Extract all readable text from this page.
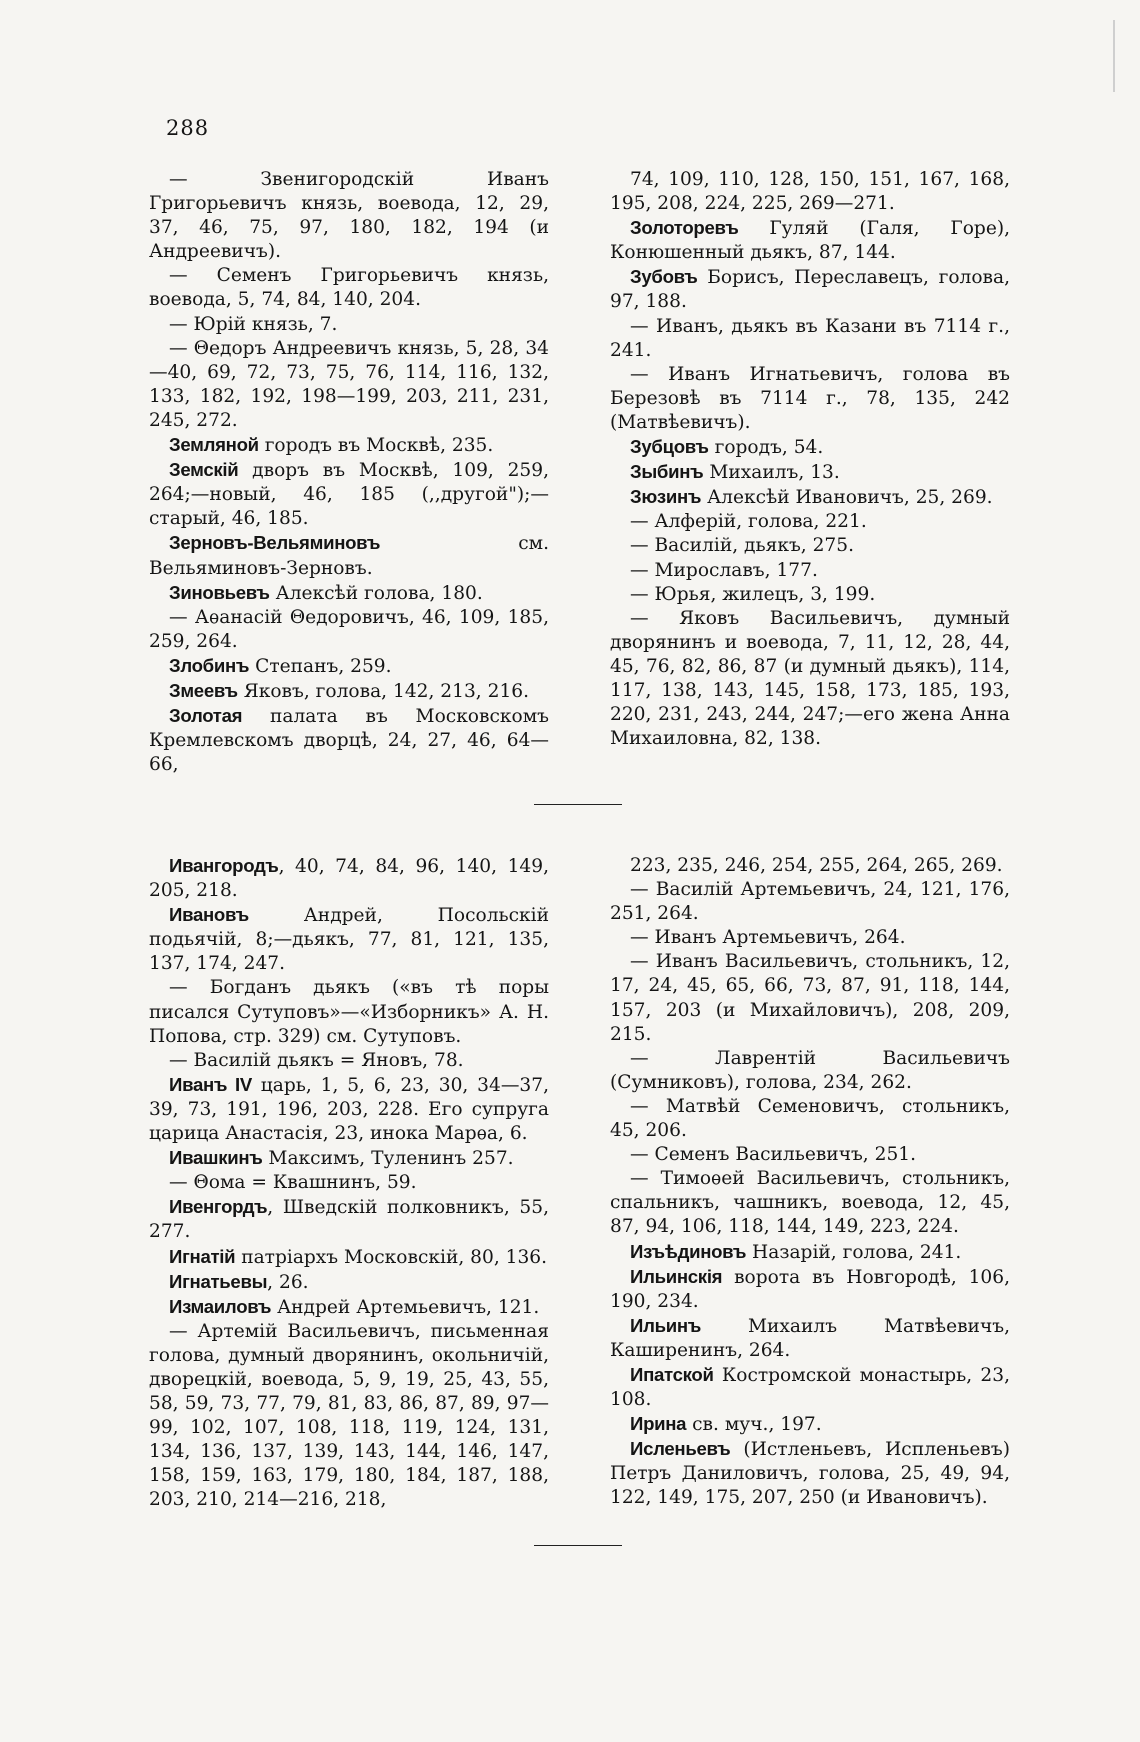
288

— Звенигородскій Иванъ Григорьевичъ князь, воевода, 12, 29, 37, 46, 75, 97, 180, 182, 194 (и Андреевичъ).

— Семенъ Григорьевичъ князь, воевода, 5, 74, 84, 140, 204.

— Юрій князь, 7.

— Θедоръ Андреевичъ князь, 5, 28, 34—40, 69, 72, 73, 75, 76, 114, 116, 132, 133, 182, 192, 198—199, 203, 211, 231, 245, 272.

Земляной городъ въ Москвѣ, 235.

Земскій дворъ въ Москвѣ, 109, 259, 264;—новый, 46, 185 (,,другой");—старый, 46, 185.

Зерновъ-Вельяминовъ см. Вельяминовъ-Зерновъ.

Зиновьевъ Алексѣй голова, 180.

— Аѳанасій Θедоровичъ, 46, 109, 185, 259, 264.

Злобинъ Степанъ, 259.

Змеевъ Яковъ, голова, 142, 213, 216.

Золотая палата въ Московскомъ Кремлевскомъ дворцѣ, 24, 27, 46, 64—66,

74, 109, 110, 128, 150, 151, 167, 168, 195, 208, 224, 225, 269—271.

Золоторевъ Гуляй (Галя, Горе), Конюшенный дьякъ, 87, 144.

Зубовъ Борисъ, Переславецъ, голова, 97, 188.

— Иванъ, дьякъ въ Казани въ 7114 г., 241.

— Иванъ Игнатьевичъ, голова въ Березовѣ въ 7114 г., 78, 135, 242 (Матвѣевичъ).

Зубцовъ городъ, 54.

Зыбинъ Михаилъ, 13.

Зюзинъ Алексѣй Ивановичъ, 25, 269.

— Алферій, голова, 221.

— Василій, дьякъ, 275.

— Мирославъ, 177.

— Юрья, жилецъ, 3, 199.

— Яковъ Васильевичъ, думный дворянинъ и воевода, 7, 11, 12, 28, 44, 45, 76, 82, 86, 87 (и думный дьякъ), 114, 117, 138, 143, 145, 158, 173, 185, 193, 220, 231, 243, 244, 247;—его жена Анна Михаиловна, 82, 138.

Ивангородъ, 40, 74, 84, 96, 140, 149, 205, 218.

Ивановъ Андрей, Посольскій подьячій, 8;—дьякъ, 77, 81, 121, 135, 137, 174, 247.

— Богданъ дьякъ («въ тѣ поры писался Сутуповъ»—«Изборникъ» А. Н. Попова, стр. 329) см. Сутуповъ.

— Василій дьякъ = Яновъ, 78.

Иванъ IV царь, 1, 5, 6, 23, 30, 34—37, 39, 73, 191, 196, 203, 228. Его супруга царица Анастасія, 23, инока Марѳа, 6.

Ивашкинъ Максимъ, Туленинъ 257.

— Θома = Квашнинъ, 59.

Ивенгордъ, Шведскій полковникъ, 55, 277.

Игнатій патріархъ Московскій, 80, 136.

Игнатьевы, 26.

Измаиловъ Андрей Артемьевичъ, 121.

— Артемій Васильевичъ, письменная голова, думный дворянинъ, окольничій, дворецкій, воевода, 5, 9, 19, 25, 43, 55, 58, 59, 73, 77, 79, 81, 83, 86, 87, 89, 97—99, 102, 107, 108, 118, 119, 124, 131, 134, 136, 137, 139, 143, 144, 146, 147, 158, 159, 163, 179, 180, 184, 187, 188, 203, 210, 214—216, 218,

223, 235, 246, 254, 255, 264, 265, 269.

— Василій Артемьевичъ, 24, 121, 176, 251, 264.

— Иванъ Артемьевичъ, 264.

— Иванъ Васильевичъ, стольникъ, 12, 17, 24, 45, 65, 66, 73, 87, 91, 118, 144, 157, 203 (и Михайловичъ), 208, 209, 215.

— Лаврентій Васильевичъ (Сумниковъ), голова, 234, 262.

— Матвѣй Семеновичъ, стольникъ, 45, 206.

— Семенъ Васильевичъ, 251.

— Тимоѳей Васильевичъ, стольникъ, спальникъ, чашникъ, воевода, 12, 45, 87, 94, 106, 118, 144, 149, 223, 224.

Изъѣдиновъ Назарій, голова, 241.

Ильинскія ворота въ Новгородѣ, 106, 190, 234.

Ильинъ Михаилъ Матвѣевичъ, Каширенинъ, 264.

Ипатской Костромской монастырь, 23, 108.

Ирина св. муч., 197.

Исленьевъ (Истленьевъ, Испленьевъ) Петръ Даниловичъ, голова, 25, 49, 94, 122, 149, 175, 207, 250 (и Ивановичъ).
